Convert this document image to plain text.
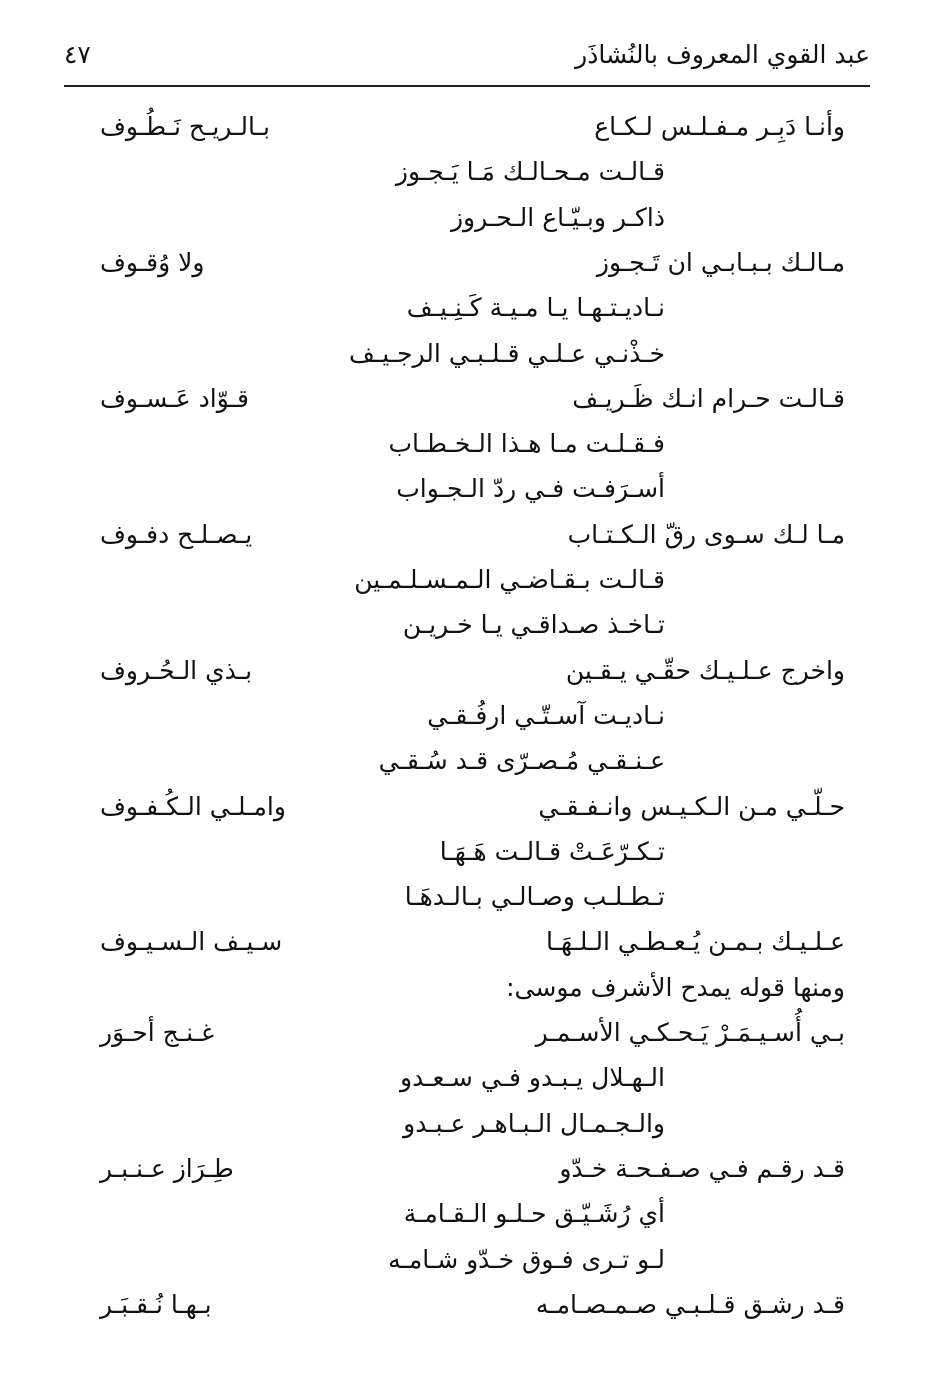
عبد القوي المعروف بالنُشاذَر
٤٧
وأنـا دَبِـر مـفـلـس لـكـاع
بـالـريـح نَـطُـوف
قـالـت مـحـالـك مَـا يَـجـوز
ذاكـر وبـيّـاع الـحـروز
مـالـك بـبـابـي ان تَـجـوز
ولا وُقـوف
نـاديـتـهـا يـا مـيـة كَـنِـيـف
خـذْنـي عـلـي قـلـبـي الرجـيـف
قـالـت حـرام انـك ظَـريـف
قـوّاد عَـسـوف
فـقـلـت مـا هـذا الـخـطـاب
أسـرَفـت فـي ردّ الـجـواب
مـا لـك سـوى رقّ الـكـتـاب
يـصـلـح دفـوف
قـالـت بـقـاضـي الـمـسـلـمـين
تـاخـذ صـداقـي يـا خـريـن
واخرج عـلـيـك حقّـي يـقـين
بـذي الـحُـروف
نـاديـت آسـتّـي ارفُـقـي
عـنـقـي مُـصـرّى قـد سُـقـي
حـلّـي مـن الـكـيـس وانـفـقـي
وامـلـي الـكُـفـوف
تـكـرّعَـتْ قـالـت هَـهَـا
تـطـلـب وصـالـي بـالـدهَـا
عـلـيـك بـمـن يُـعـطـي الـلـهَـا
سـيـف الـسـيـوف
ومنها قوله يمدح الأشرف موسى:
بـي أُسـيـمَـرْ يَـحـكـي الأسـمـر
غـنـج أحـوَر
الـهـلال يـبـدو فـي سـعـدو
والـجـمـال الـبـاهـر عـبـدو
قـد رقـم فـي صـفـحـة خـدّو
طِـرَاز عـنـبـر
أي رُشَـيّـق حـلـو الـقـامـة
لـو تـرى فـوق خـدّو شـامـه
قـد رشـق قـلـبـي صـمـصـامـه
بـهـا نُـقـبَـر
